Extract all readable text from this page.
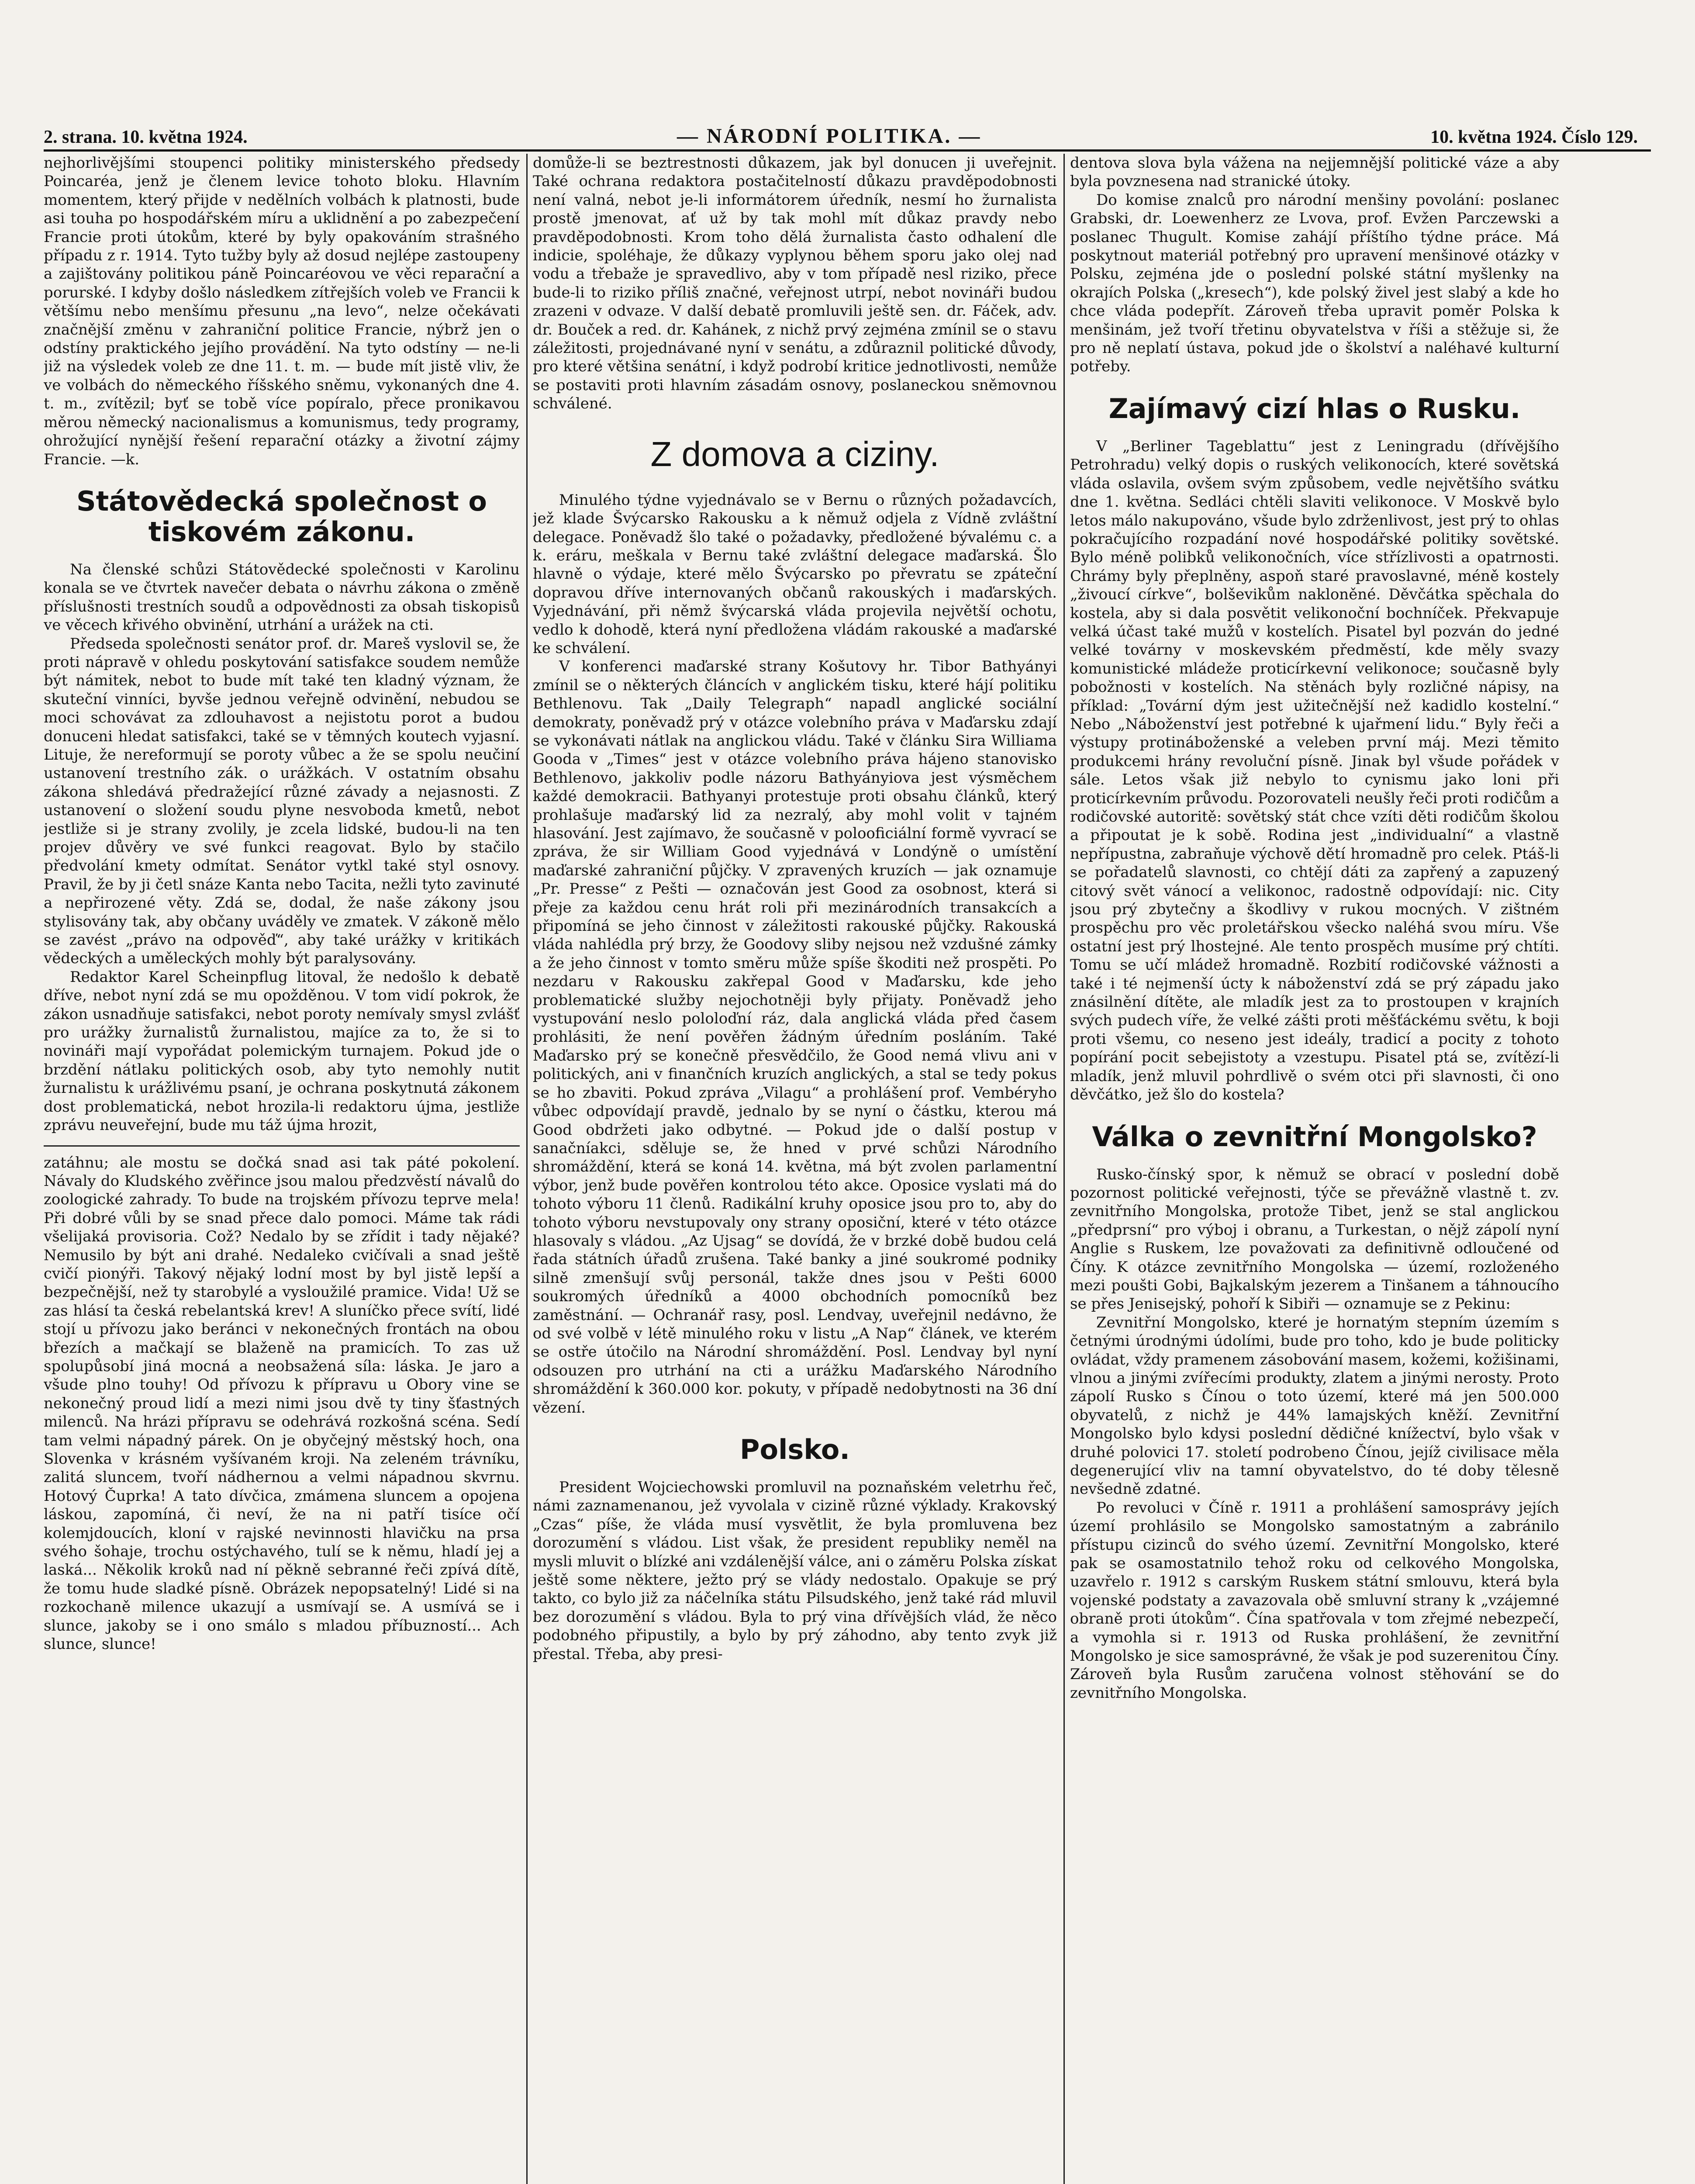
2. strana. 10. května 1924.	— NÁRODNÍ POLITIKA. —	10. května 1924. Číslo 129.

nejhorlivějšími stoupenci politiky ministerského předsedy Poincaréa, jenž je členem levice tohoto bloku. Hlavním momentem, který přijde v nedělních volbách k platnosti, bude asi touha po hospodářském míru a uklidnění a po zabezpečení Francie proti útokům, které by byly opakováním strašného případu z r. 1914. Tyto tužby byly až dosud nejlépe zastoupeny a zajištovány politikou páně Poincaréovou ve věci reparační a porurské. I kdyby došlo následkem zítřejších voleb ve Francii k většímu nebo menšímu přesunu „na levo“, nelze očekávati značnější změnu v zahraniční politice Francie, nýbrž jen o odstíny praktického jejího provádění. Na tyto odstíny — ne-li již na výsledek voleb ze dne 11. t. m. — bude mít jistě vliv, že ve volbách do německého říšského sněmu, vykonaných dne 4. t. m., zvítězil; byť se tobě více popíralo, přece pronikavou měrou německý nacionalismus a komunismus, tedy programy, ohrožující nynější řešení reparační otázky a životní zájmy Francie. —k.

Státovědecká společnost o tiskovém zákonu.

Na členské schůzi Státovědecké společnosti v Karolinu konala se ve čtvrtek navečer debata o návrhu zákona o změně příslušnosti trestních soudů a odpovědnosti za obsah tiskopisů ve věcech křivého obvinění, utrhání a urážek na cti.

Předseda společnosti senátor prof. dr. Mareš vyslovil se, že proti nápravě v ohledu poskytování satisfakce soudem nemůže být námitek, nebot to bude mít také ten kladný význam, že skuteční vinníci, byvše jednou veřejně odvinění, nebudou se moci schovávat za zdlouhavost a nejistotu porot a budou donuceni hledat satisfakci, také se v těmných koutech vyjasní. Lituje, že nereformují se poroty vůbec a že se spolu neučiní ustanovení trestního zák. o urážkách. V ostatním obsahu zákona shledává předražející různé závady a nejasnosti. Z ustanovení o složení soudu plyne nesvoboda kmetů, nebot jestliže si je strany zvolily, je zcela lidské, budou-li na ten projev důvěry ve své funkci reagovat. Bylo by stačilo předvolání kmety odmítat. Senátor vytkl také styl osnovy. Pravil, že by ji četl snáze Kanta nebo Tacita, nežli tyto zavinuté a nepřirozené věty. Zdá se, dodal, že naše zákony jsou stylisovány tak, aby občany uváděly ve zmatek. V zákoně mělo se zavést „právo na odpověď“, aby také urážky v kritikách vědeckých a uměleckých mohly být paralysovány.

Redaktor Karel Scheinpflug litoval, že nedošlo k debatě dříve, nebot nyní zdá se mu opožděnou. V tom vidí pokrok, že zákon usnadňuje satisfakci, nebot poroty nemívaly smysl zvlášť pro urážky žurnalistů žurnalistou, majíce za to, že si to novináři mají vypořádat polemickým turnajem. Pokud jde o brzdění nátlaku politických osob, aby tyto nemohly nutit žurnalistu k urážlivému psaní, je ochrana poskytnutá zákonem dost problematická, nebot hrozila-li redaktoru újma, jestliže zprávu neuveřejní, bude mu táž újma hrozit,

zatáhnu; ale mostu se dočká snad asi tak páté pokolení. Návaly do Kludského zvěřince jsou malou předzvěstí návalů do zoologické zahrady. To bude na trojském přívozu teprve mela! Při dobré vůli by se snad přece dalo pomoci. Máme tak rádi všelijaká provisoria. Což? Nedalo by se zřídit i tady nějaké? Nemusilo by být ani drahé. Nedaleko cvičívali a snad ještě cvičí pionýři. Takový nějaký lodní most by byl jistě lepší a bezpečnější, než ty starobylé a vysloužilé pramice. Vida! Už se zas hlásí ta česká rebelantská krev! A sluníčko přece svítí, lidé stojí u přívozu jako beránci v nekonečných frontách na obou březích a mačkají se blaženě na pramicích. To zas už spolupůsobí jiná mocná a neobsažená síla: láska. Je jaro a všude plno touhy! Od přívozu k přípravu u Obory vine se nekonečný proud lidí a mezi nimi jsou dvě ty tiny šťastných milenců. Na hrázi přípravu se odehrává rozkošná scéna. Sedí tam velmi nápadný párek. On je obyčejný městský hoch, ona Slovenka v krásném vyšívaném kroji. Na zeleném trávníku, zalitá sluncem, tvoří nádhernou a velmi nápadnou skvrnu. Hotový Čuprka! A tato dívčica, zmámena sluncem a opojena láskou, zapomíná, či neví, že na ni patří tisíce očí kolemjdoucích, kloní v rajské nevinnosti hlavičku na prsa svého šohaje, trochu ostýchavého, tulí se k němu, hladí jej a laská... Několik kroků nad ní pěkně sebranné řeči zpívá dítě, že tomu hude sladké písně. Obrázek nepopsatelný! Lidé si na rozkochaně milence ukazují a usmívají se. A usmívá se i slunce, jakoby se i ono smálo s mladou příbuzností... Ach slunce, slunce!

domůže-li se beztrestnosti důkazem, jak byl donucen ji uveřejnit. Také ochrana redaktora postačitelností důkazu pravděpodobnosti není valná, nebot je-li informátorem úředník, nesmí ho žurnalista prostě jmenovat, ať už by tak mohl mít důkaz pravdy nebo pravděpodobnosti. Krom toho dělá žurnalista často odhalení dle indicie, spoléhaje, že důkazy vyplynou během sporu jako olej nad vodu a třebaže je spravedlivo, aby v tom případě nesl riziko, přece bude-li to riziko příliš značné, veřejnost utrpí, nebot novináři budou zrazeni v odvaze. V další debatě promluvili ještě sen. dr. Fáček, adv. dr. Bouček a red. dr. Kahánek, z nichž prvý zejména zmínil se o stavu záležitosti, projednávané nyní v senátu, a zdůraznil politické důvody, pro které většina senátní, i když podrobí kritice jednotlivosti, nemůže se postaviti proti hlavním zásadám osnovy, poslaneckou sněmovnou schválené.

Z domova a ciziny.

Minulého týdne vyjednávalo se v Bernu o různých požadavcích, jež klade Švýcarsko Rakousku a k němuž odjela z Vídně zvláštní delegace. Poněvadž šlo také o požadavky, předložené bývalému c. a k. eráru, meškala v Bernu také zvláštní delegace maďarská. Šlo hlavně o výdaje, které mělo Švýcarsko po převratu se zpáteční dopravou dříve internovaných občanů rakouských i maďarských. Vyjednávání, při němž švýcarská vláda projevila největší ochotu, vedlo k dohodě, která nyní předložena vládám rakouské a maďarské ke schválení.

V konferenci maďarské strany Košutovy hr. Tibor Bathyányi zmínil se o některých článcích v anglickém tisku, které hájí politiku Bethlenovu. Tak „Daily Telegraph“ napadl anglické sociální demokraty, poněvadž prý v otázce volebního práva v Maďarsku zdají se vykonávati nátlak na anglickou vládu. Také v článku Sira Williama Gooda v „Times“ jest v otázce volebního práva hájeno stanovisko Bethlenovo, jakkoliv podle názoru Bathyányiova jest výsměchem každé demokracii. Bathyanyi protestuje proti obsahu článků, který prohlašuje maďarský lid za nezralý, aby mohl volit v tajném hlasování. Jest zajímavo, že současně v polooficiální formě vyvrací se zpráva, že sir William Good vyjednává v Londýně o umístění maďarské zahraniční půjčky. V zpravených kruzích — jak oznamuje „Pr. Presse“ z Pešti — označován jest Good za osobnost, která si přeje za každou cenu hrát roli při mezinárodních transakcích a připomíná se jeho činnost v záležitosti rakouské půjčky. Rakouská vláda nahlédla prý brzy, že Goodovy sliby nejsou než vzdušné zámky a že jeho činnost v tomto směru může spíše škoditi než prospěti. Po nezdaru v Rakousku zakřepal Good v Maďarsku, kde jeho problematické služby nejochotněji byly přijaty. Poněvadž jeho vystupování neslo pololoďní ráz, dala anglická vláda před časem prohlásiti, že není pověřen žádným úředním posláním. Také Maďarsko prý se konečně přesvědčilo, že Good nemá vlivu ani v politických, ani v finančních kruzích anglických, a stal se tedy pokus se ho zbaviti. Pokud zpráva „Vilagu“ a prohlášení prof. Vembéryho vůbec odpovídají pravdě, jednalo by se nyní o částku, kterou má Good obdržeti jako odbytné. — Pokud jde o další postup v sanačníakci, sděluje se, že hned v prvé schůzi Národního shromáždění, která se koná 14. května, má být zvolen parlamentní výbor, jenž bude pověřen kontrolou této akce. Oposice vyslati má do tohoto výboru 11 členů. Radikální kruhy oposice jsou pro to, aby do tohoto výboru nevstupovaly ony strany oposiční, které v této otázce hlasovaly s vládou. „Az Ujsag“ se dovídá, že v brzké době budou celá řada státních úřadů zrušena. Také banky a jiné soukromé podniky silně zmenšují svůj personál, takže dnes jsou v Pešti 6000 soukromých úředníků a 4000 obchodních pomocníků bez zaměstnání. — Ochranář rasy, posl. Lendvay, uveřejnil nedávno, že od své volbě v létě minulého roku v listu „A Nap“ článek, ve kterém se ostře útočilo na Národní shromáždění. Posl. Lendvay byl nyní odsouzen pro utrhání na cti a urážku Maďarského Národního shromáždění k 360.000 kor. pokuty, v případě nedobytnosti na 36 dní vězení.

Polsko.

President Wojciechowski promluvil na poznaňském veletrhu řeč, námi zaznamenanou, jež vyvolala v cizině různé výklady. Krakovský „Czas“ píše, že vláda musí vysvětlit, že byla promluvena bez dorozumění s vládou. List však, že president republiky neměl na mysli mluvit o blízké ani vzdálenější válce, ani o záměru Polska získat ještě some některe, ježto prý se vlády nedostalo. Opakuje se prý takto, co bylo již za náčelníka státu Pilsudského, jenž také rád mluvil bez dorozumění s vládou. Byla to prý vina dřívějších vlád, že něco podobného připustily, a bylo by prý záhodno, aby tento zvyk již přestal. Třeba, aby presi-

dentova slova byla vážena na nejjemnější politické váze a aby byla povznesena nad stranické útoky.

Do komise znalců pro národní menšiny povolání: poslanec Grabski, dr. Loewenherz ze Lvova, prof. Evžen Parczewski a poslanec Thugult. Komise zahájí příštího týdne práce. Má poskytnout materiál potřebný pro upravení menšinové otázky v Polsku, zejména jde o poslední polské státní myšlenky na okrajích Polska („kresech“), kde polský živel jest slabý a kde ho chce vláda podepřít. Zároveň třeba upravit poměr Polska k menšinám, jež tvoří třetinu obyvatelstva v říši a stěžuje si, že pro ně neplatí ústava, pokud jde o školství a naléhavé kulturní potřeby.

Zajímavý cizí hlas o Rusku.

V „Berliner Tageblattu“ jest z Leningradu (dřívějšího Petrohradu) velký dopis o ruských velikonocích, které sovětská vláda oslavila, ovšem svým způsobem, vedle největšího svátku dne 1. května. Sedláci chtěli slaviti velikonoce. V Moskvě bylo letos málo nakupováno, všude bylo zdrženlivost, jest prý to ohlas pokračujícího rozpadání nové hospodářské politiky sovětské. Bylo méně polibků velikonočních, více střízlivosti a opatrnosti. Chrámy byly přeplněny, aspoň staré pravoslavné, méně kostely „živoucí církve“, bolševikům nakloněné. Děvčátka spěchala do kostela, aby si dala posvětit velikonoční bochníček. Překvapuje velká účast také mužů v kostelích. Pisatel byl pozván do jedné velké továrny v moskevském předměstí, kde měly svazy komunistické mládeže proticírkevní velikonoce; současně byly pobožnosti v kostelích. Na stěnách byly rozličné nápisy, na příklad: „Tovární dým jest užitečnější než kadidlo kostelní.“ Nebo „Náboženství jest potřebné k ujařmení lidu.“ Byly řeči a výstupy protináboženské a veleben první máj. Mezi těmito produkcemi hrány revoluční písně. Jinak byl všude pořádek v sále. Letos však již nebylo to cynismu jako loni při proticírkevním průvodu. Pozorovateli neušly řeči proti rodičům a rodičovské autoritě: sovětský stát chce vzíti děti rodičům školou a připoutat je k sobě. Rodina jest „individualní“ a vlastně nepřípustna, zabraňuje výchově dětí hromadně pro celek. Ptáš-li se pořadatelů slavnosti, co chtějí dáti za zapřený a zapuzený citový svět vánocí a velikonoc, radostně odpovídají: nic. City jsou prý zbytečny a škodlivy v rukou mocných. V zištném prospěchu pro věc proletářskou všecko naléhá svou míru. Vše ostatní jest prý lhostejné. Ale tento prospěch musíme prý chtíti. Tomu se učí mládež hromadně. Rozbití rodičovské vážnosti a také i té nejmenší úcty k náboženství zdá se prý západu jako znásilnění dítěte, ale mladík jest za to prostoupen v krajních svých pudech víře, že velké zášti proti měšťáckému světu, k boji proti všemu, co neseno jest ideály, tradicí a pocity z tohoto popírání pocit sebejistoty a vzestupu. Pisatel ptá se, zvítězí-li mladík, jenž mluvil pohrdlivě o svém otci při slavnosti, či ono děvčátko, jež šlo do kostela?

Válka o zevnitřní Mongolsko?

Rusko-čínský spor, k němuž se obrací v poslední době pozornost politické veřejnosti, týče se převážně vlastně t. zv. zevnitřního Mongolska, protože Tibet, jenž se stal anglickou „předprsní“ pro výboj i obranu, a Turkestan, o nějž zápolí nyní Anglie s Ruskem, lze považovati za definitivně odloučené od Číny. K otázce zevnitřního Mongolska — území, rozloženého mezi poušti Gobi, Bajkalským jezerem a Tinšanem a táhnoucího se přes Jenisejský, pohoří k Sibiři — oznamuje se z Pekinu:

Zevnitřní Mongolsko, které je hornatým stepním územím s četnými úrodnými údolími, bude pro toho, kdo je bude politicky ovládat, vždy pramenem zásobování masem, kožemi, kožišinami, vlnou a jinými zvířecími produkty, zlatem a jinými nerosty. Proto zápolí Rusko s Čínou o toto území, které má jen 500.000 obyvatelů, z nichž je 44% lamajských kněží. Zevnitřní Mongolsko bylo kdysi poslední dědičné knížectví, bylo však v druhé polovici 17. století podrobeno Čínou, jejíž civilisace měla degenerující vliv na tamní obyvatelstvo, do té doby tělesně nevšedně zdatné.

Po revoluci v Číně r. 1911 a prohlášení samosprávy jejích území prohlásilo se Mongolsko samostatným a zabránilo přístupu cizinců do svého území. Zevnitřní Mongolsko, které pak se osamostatnilo tehož roku od celkového Mongolska, uzavřelo r. 1912 s carským Ruskem státní smlouvu, která byla vojenské podstaty a zavazovala obě smluvní strany k „vzájemné obraně proti útokům“. Čína spatřovala v tom zřejmé nebezpečí, a vymohla si r. 1913 od Ruska prohlášení, že zevnitřní Mongolsko je sice samosprávné, že však je pod suzerenitou Číny. Zároveň byla Rusům zaručena volnost stěhování se do zevnitřního Mongolska.
